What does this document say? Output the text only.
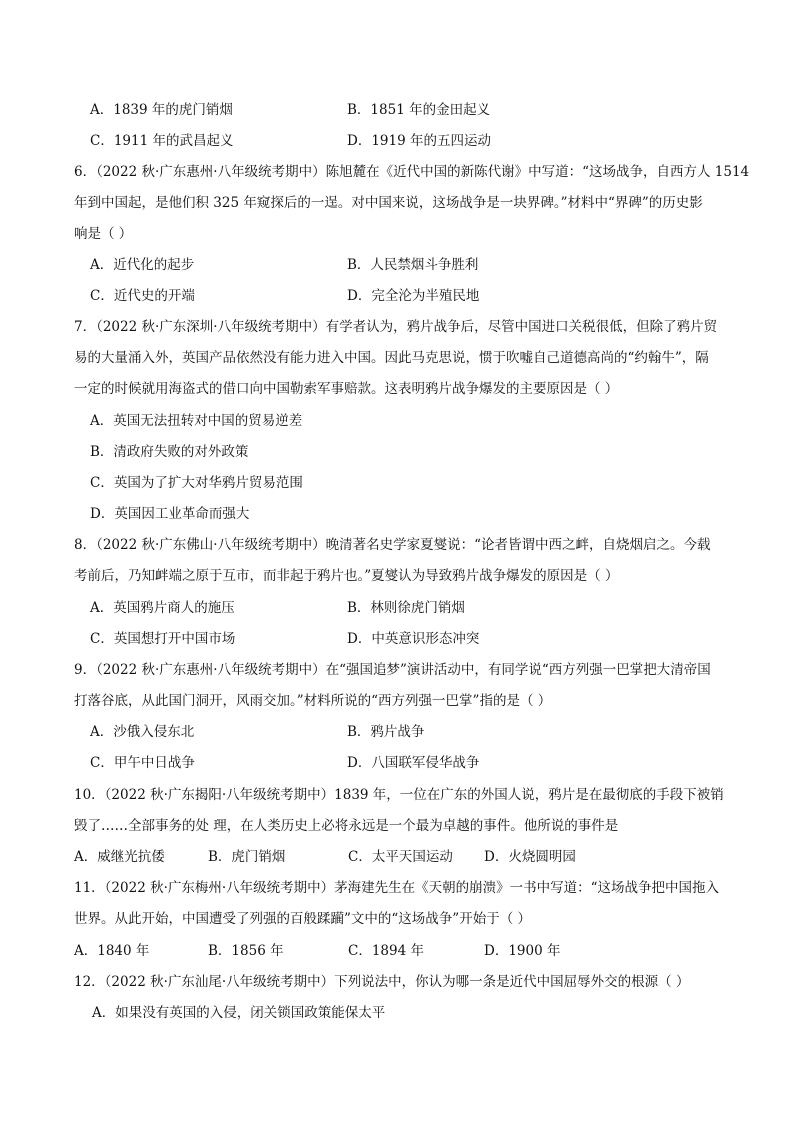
A．1839 年的虎门销烟	B．1851 年的金田起义
C．1911 年的武昌起义	D．1919 年的五四运动
6．（2022 秋·广东惠州·八年级统考期中）陈旭麓在《近代中国的新陈代谢》中写道：“这场战争，自西方人 1514
年到中国起，是他们积 325 年窥探后的一逞。对中国来说，这场战争是一块界碑。”材料中“界碑”的历史影
响是（ ）
A．近代化的起步	B．人民禁烟斗争胜利
C．近代史的开端	D．完全沦为半殖民地
7．（2022 秋·广东深圳·八年级统考期中）有学者认为，鸦片战争后，尽管中国进口关税很低，但除了鸦片贸
易的大量涌入外，英国产品依然没有能力进入中国。因此马克思说，惯于吹嘘自己道德高尚的“约翰牛”，隔
一定的时候就用海盗式的借口向中国勒索军事赔款。这表明鸦片战争爆发的主要原因是（ ）
A．英国无法扭转对中国的贸易逆差
B．清政府失败的对外政策
C．英国为了扩大对华鸦片贸易范围
D．英国因工业革命而强大
8．（2022 秋·广东佛山·八年级统考期中）晚清著名史学家夏燮说：“论者皆谓中西之衅，自烧烟启之。今载
考前后，乃知衅端之原于互市，而非起于鸦片也。”夏燮认为导致鸦片战争爆发的原因是（ ）
A．英国鸦片商人的施压	B．林则徐虎门销烟
C．英国想打开中国市场	D．中英意识形态冲突
9．（2022 秋·广东惠州·八年级统考期中）在“强国追梦”演讲活动中，有同学说“西方列强一巴掌把大清帝国
打落谷底，从此国门洞开，风雨交加。”材料所说的“西方列强一巴掌”指的是（ ）
A．沙俄入侵东北	B．鸦片战争
C．甲午中日战争	D．八国联军侵华战争
10．（2022 秋·广东揭阳·八年级统考期中）1839 年，一位在广东的外国人说，鸦片是在最彻底的手段下被销
毁了……全部事务的处 理，在人类历史上必将永远是一个最为卓越的事件。他所说的事件是
A．威继光抗倭	B．虎门销烟	C．太平天国运动 D．火烧圆明园
11．（2022 秋·广东梅州·八年级统考期中）茅海建先生在《天朝的崩溃》一书中写道：“这场战争把中国拖入
世界。从此开始，中国遭受了列强的百般蹂躏”文中的“这场战争”开始于（ ）
A．1840 年	B．1856 年	C．1894 年	D．1900 年
12．（2022 秋·广东汕尾·八年级统考期中）下列说法中，你认为哪一条是近代中国屈辱外交的根源（ ）
A．如果没有英国的入侵，闭关锁国政策能保太平
